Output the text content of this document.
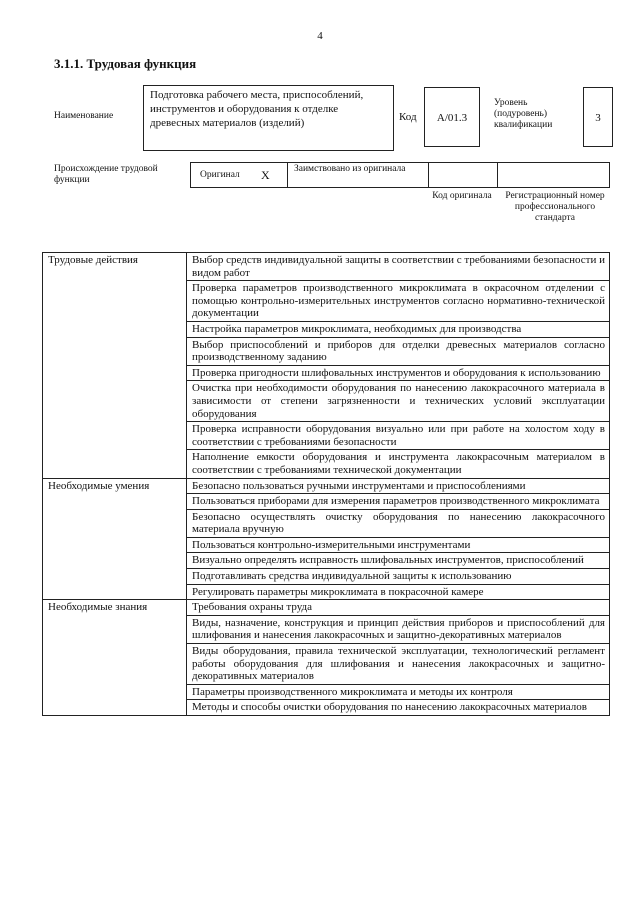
4
3.1.1. Трудовая функция
Наименование
Подготовка рабочего места, приспособлений, инструментов и оборудования к отделке древесных материалов (изделий)	Код	A/01.3
Уровень (подуровень) квалификации
3
Происхождение трудовой функции	Оригинал X	Заимствовано из оригинала
Код оригинала Регистрационный номер профессионального стандарта
Трудовые действия	Выбор средств индивидуальной защиты в соответствии с требованиями безопасности и видом работ
	Проверка параметров производственного микроклимата в окрасочном отделении с помощью контрольно-измерительных инструментов согласно нормативно-технической документации
	Настройка параметров микроклимата, необходимых для производства
	Выбор приспособлений и приборов для отделки древесных материалов согласно производственному заданию
	Проверка пригодности шлифовальных инструментов и оборудования к использованию
	Очистка при необходимости оборудования по нанесению лакокрасочного материала в зависимости от степени загрязненности и технических условий эксплуатации оборудования
	Проверка исправности оборудования визуально или при работе на холостом ходу в соответствии с требованиями безопасности
	Наполнение емкости оборудования и инструмента лакокрасочным материалом в соответствии с требованиями технической документации
Необходимые умения	Безопасно пользоваться ручными инструментами и приспособлениями
	Пользоваться приборами для измерения параметров производственного микроклимата
	Безопасно осуществлять очистку оборудования по нанесению лакокрасочного материала вручную
	Пользоваться контрольно-измерительными инструментами
	Визуально определять исправность шлифовальных инструментов, приспособлений
	Подготавливать средства индивидуальной защиты к использованию
	Регулировать параметры микроклимата в покрасочной камере
Необходимые знания	Требования охраны труда
	Виды, назначение, конструкция и принцип действия приборов и приспособлений для шлифования и нанесения лакокрасочных и защитно-декоративных материалов
	Виды оборудования, правила технической эксплуатации, технологический регламент работы оборудования для шлифования и нанесения лакокрасочных и защитно-декоративных материалов
	Параметры производственного микроклимата и методы их контроля
	Методы и способы очистки оборудования по нанесению лакокрасочных материалов
